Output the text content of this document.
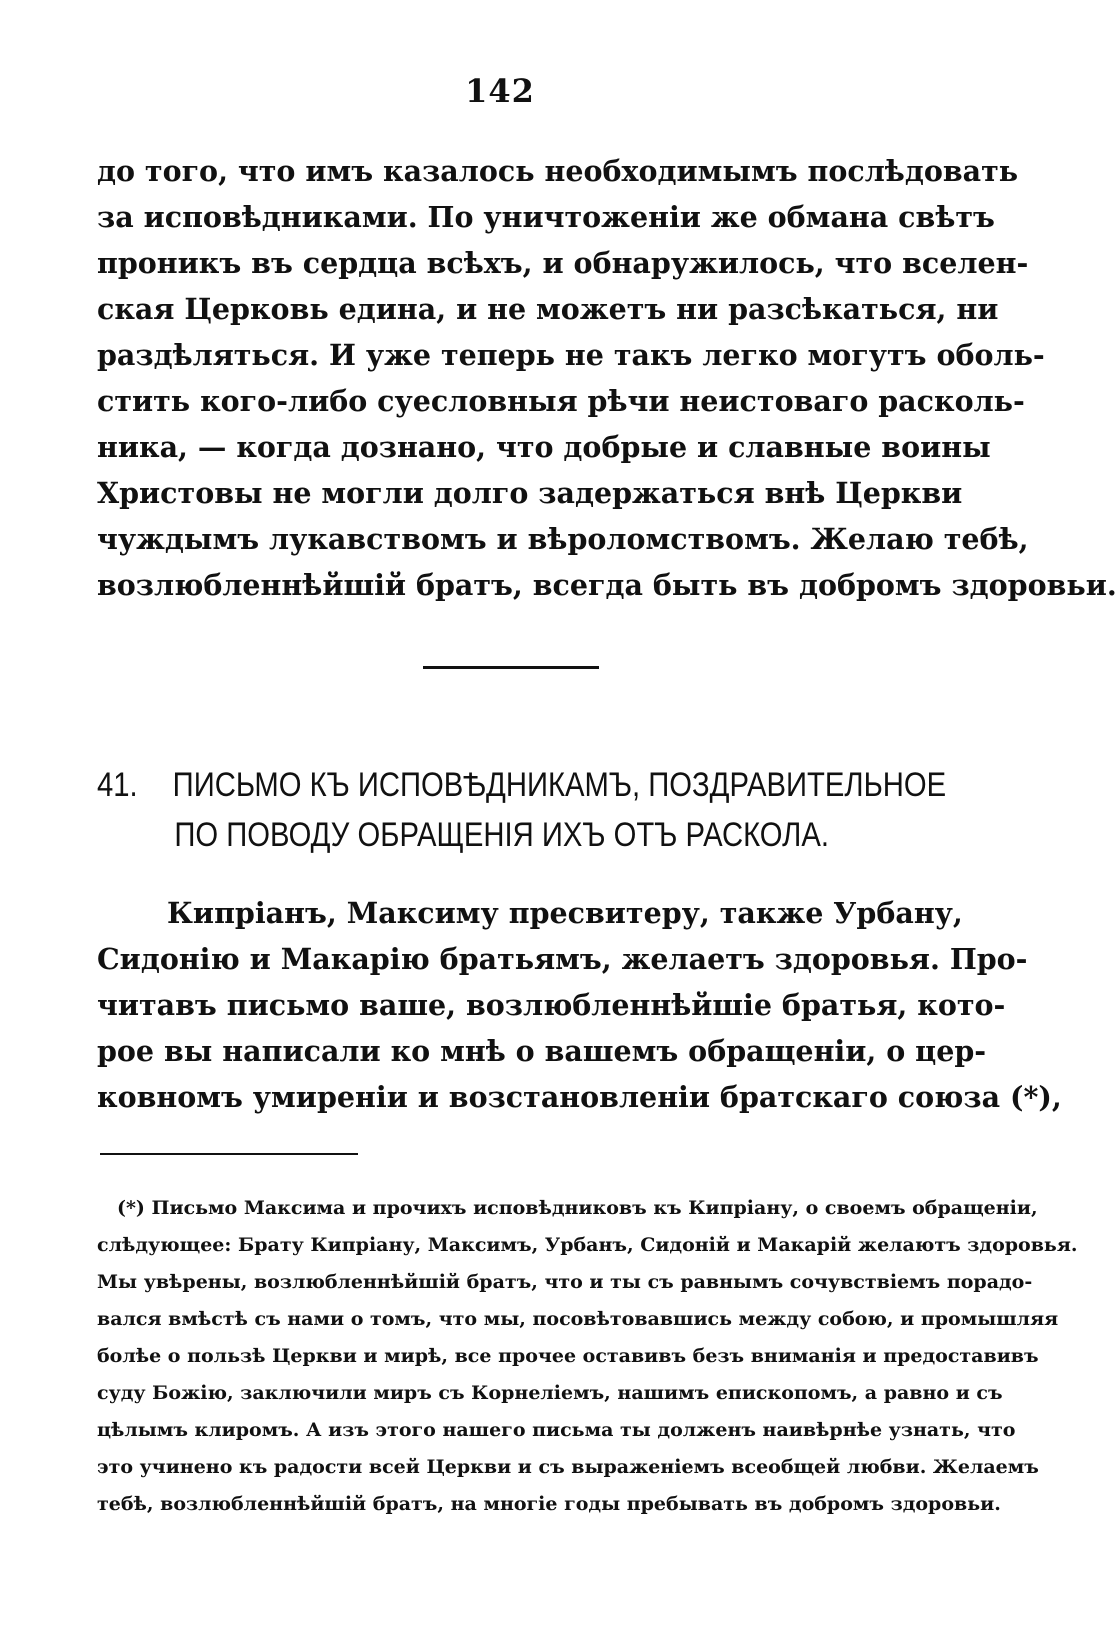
142
до того, что имъ казалось необходимымъ послѣдовать
за исповѣдниками. По уничтоженіи же обмана свѣтъ
проникъ въ сердца всѣхъ, и обнаружилось, что вселен-
ская Церковь едина, и не можетъ ни разсѣкаться, ни
раздѣляться. И уже теперь не такъ легко могутъ оболь-
стить кого-либо суесловныя рѣчи неистоваго расколь-
ника, — когда дознано, что добрые и славные воины
Христовы не могли долго задержаться внѣ Церкви
чуждымъ лукавствомъ и вѣроломствомъ. Желаю тебѣ,
возлюбленнѣйшій братъ, всегда быть въ добромъ здоровьи.
41. ПИСЬМО КЪ ИСПОВѢДНИКАМЪ, ПОЗДРАВИТЕЛЬНОЕ
ПО ПОВОДУ ОБРАЩЕНІЯ ИХЪ ОТЪ РАСКОЛА.
Кипріанъ, Максиму пресвитеру, также Урбану,
Сидонію и Макарію братьямъ, желаетъ здоровья. Про-
читавъ письмо ваше, возлюбленнѣйшіе братья, кото-
рое вы написали ко мнѣ о вашемъ обращеніи, о цер-
ковномъ умиреніи и возстановленіи братскаго союза (*),
(*) Письмо Максима и прочихъ исповѣдниковъ къ Кипріану, о своемъ обращеніи,
слѣдующее: Брату Кипріану, Максимъ, Урбанъ, Сидоній и Макарій желаютъ здоровья.
Мы увѣрены, возлюбленнѣйшій братъ, что и ты съ равнымъ сочувствіемъ порадо-
вался вмѣстѣ съ нами о томъ, что мы, посовѣтовавшись между собою, и промышляя
болѣе о пользѣ Церкви и мирѣ, все прочее оставивъ безъ вниманія и предоставивъ
суду Божію, заключили миръ съ Корнеліемъ, нашимъ епископомъ, а равно и съ
цѣлымъ клиромъ. А изъ этого нашего письма ты долженъ наивѣрнѣе узнать, что
это учинено къ радости всей Церкви и съ выраженіемъ всеобщей любви. Желаемъ
тебѣ, возлюбленнѣйшій братъ, на многіе годы пребывать въ добромъ здоровьи.
